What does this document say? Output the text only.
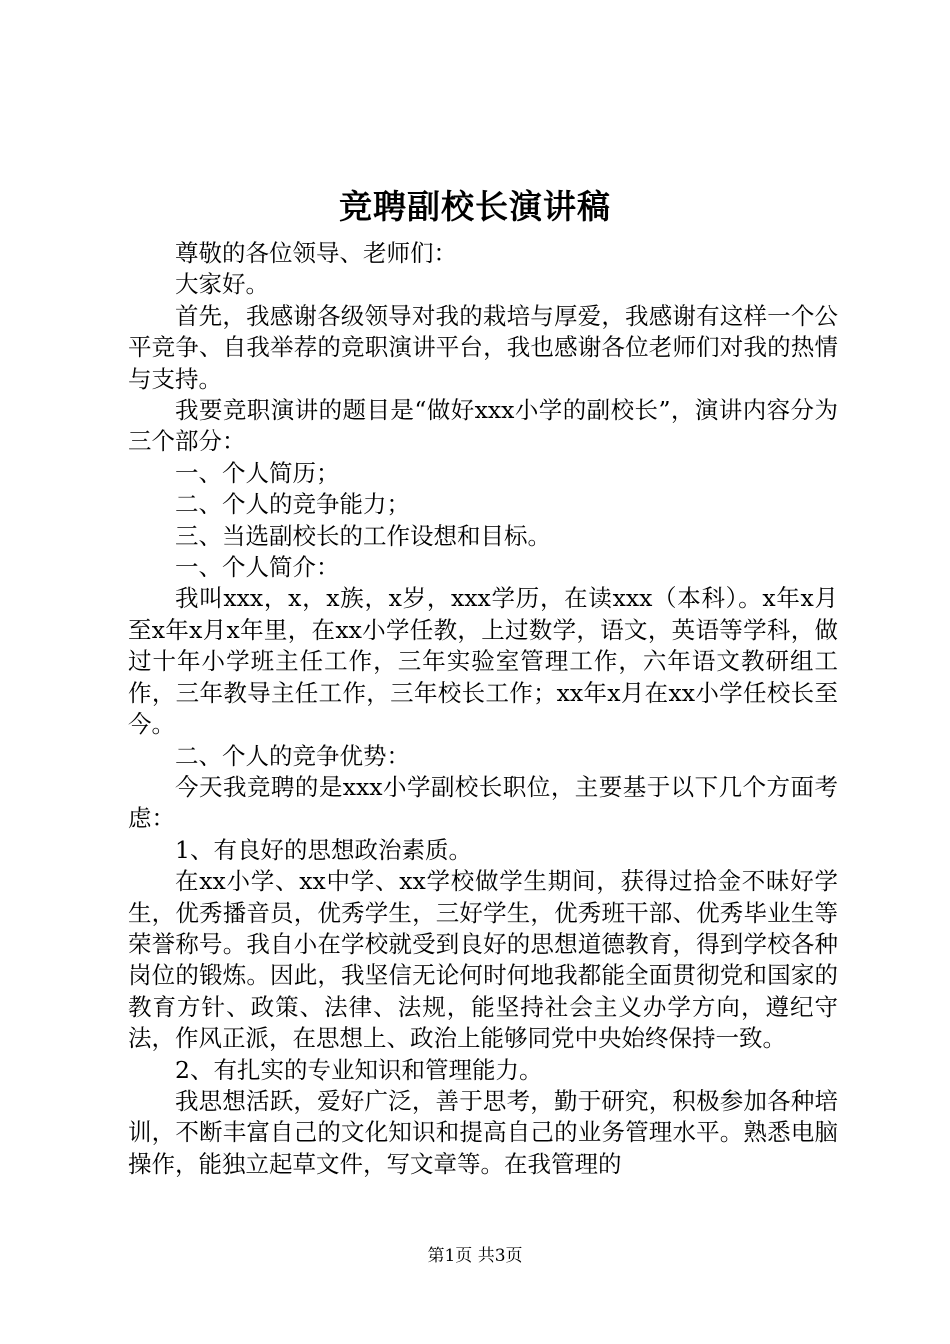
竞聘副校长演讲稿

尊敬的各位领导、老师们：

大家好。

首先，我感谢各级领导对我的栽培与厚爱，我感谢有这样一个公平竞争、自我举荐的竞职演讲平台，我也感谢各位老师们对我的热情与支持。

我要竞职演讲的题目是“做好xxx小学的副校长”，演讲内容分为三个部分：

一、个人简历；

二、个人的竞争能力；

三、当选副校长的工作设想和目标。

一、个人简介：

我叫xxx，x，x族，x岁，xxx学历，在读xxx（本科）。x年x月至x年x月x年里，在xx小学任教，上过数学，语文，英语等学科，做过十年小学班主任工作，三年实验室管理工作，六年语文教研组工作，三年教导主任工作，三年校长工作；xx年x月在xx小学任校长至今。

二、个人的竞争优势：

今天我竞聘的是xxx小学副校长职位，主要基于以下几个方面考虑：

1、有良好的思想政治素质。

在xx小学、xx中学、xx学校做学生期间，获得过拾金不昧好学生，优秀播音员，优秀学生，三好学生，优秀班干部、优秀毕业生等荣誉称号。我自小在学校就受到良好的思想道德教育，得到学校各种岗位的锻炼。因此，我坚信无论何时何地我都能全面贯彻党和国家的教育方针、政策、法律、法规，能坚持社会主义办学方向，遵纪守法，作风正派，在思想上、政治上能够同党中央始终保持一致。

2、有扎实的专业知识和管理能力。

我思想活跃，爱好广泛，善于思考，勤于研究，积极参加各种培训，不断丰富自己的文化知识和提高自己的业务管理水平。熟悉电脑操作，能独立起草文件，写文章等。在我管理的

第1页 共3页
